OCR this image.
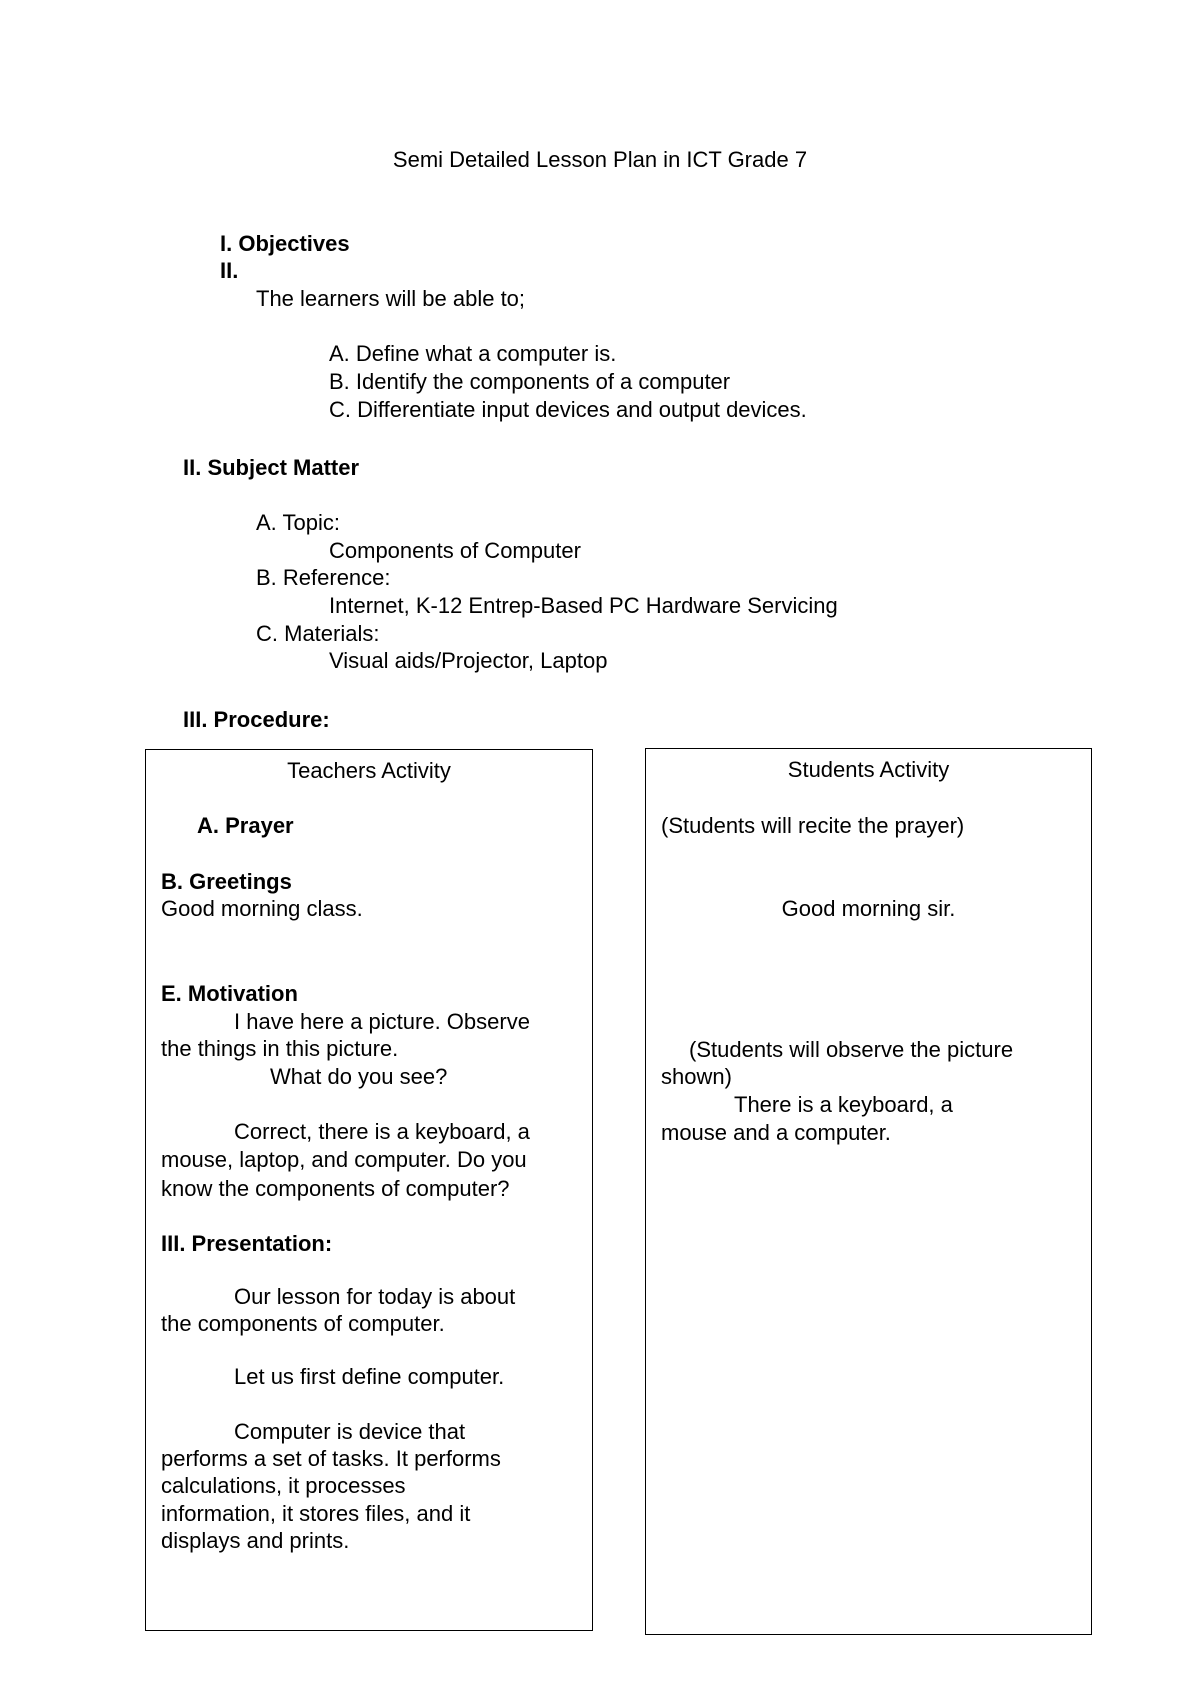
Semi Detailed Lesson Plan in ICT Grade 7
I. Objectives
II.
The learners will be able to;
A. Define what a computer is.
B. Identify the components of a computer
C. Differentiate input devices and output devices.
II. Subject Matter
A. Topic:
Components of Computer
B. Reference:
Internet, K-12 Entrep-Based PC Hardware Servicing
C. Materials:
Visual aids/Projector, Laptop
III. Procedure:
Teachers Activity
A. Prayer
B. Greetings
Good morning class.
E. Motivation
I have here a picture. Observe
the things in this picture.
What do you see?
Correct, there is a keyboard, a
mouse, laptop, and computer. Do you
know the components of computer?
III. Presentation:
Our lesson for today is about
the components of computer.
Let us first define computer.
Computer is device that
performs a set of tasks. It performs
calculations, it processes
information, it stores files, and it
displays and prints.
Students Activity
(Students will recite the prayer)
Good morning sir.
(Students will observe the picture
shown)
There is a keyboard, a
mouse and a computer.
